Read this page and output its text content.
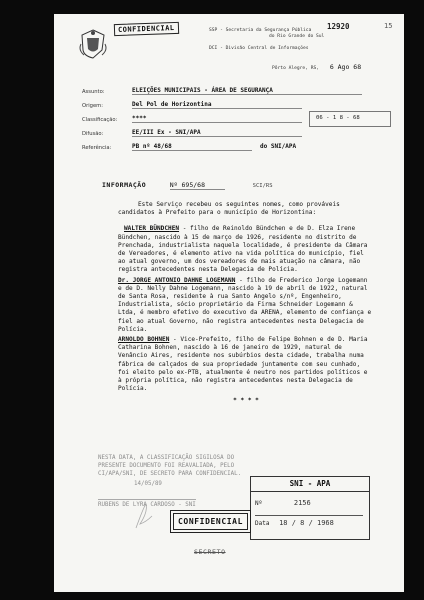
CONFIDENCIAL	SSP - Secretaria da Segurança Pública
do Rio Grande do Sul
DCI - Divisão Central de Informações
12920	15
Pôrto Alegre, RS, 6 Ago 68
Assunto:	ELEIÇÕES MUNICIPAIS - ÁREA DE SEGURANÇA
Origem:	Del Pol de Horizontina
Classificação: ****
Difusão:	EE/III Ex - SNI/APA
Referência:	PB nº 48/68	do SNI/APA
06 - 1 8 - 68
INFORMAÇÃO	Nº 695/68	SCI/RS

Este Serviço recebeu os seguintes nomes, como prováveis candidatos à Prefeito para o município de Horizontina:

WALTER BÜNDCHEN - filho de Reinoldo Bündchen e de D. Elza Irene Bündchen, nascido à 15 de março de 1926, residente no distrito de Prenchada, industrialista naquela localidade, é presidente da Câmara de Vereadores, é elemento ativo na vida política do município, fiel ao atual governo, um dos vereadores de mais atuação na câmara, não registra antecedentes nesta Delegacia de Polícia.

Dr. JORGE ANTONIO DAHNE LOGEMANN - filho de Frederico Jorge Logemann e de D. Nelly Dahne Logemann, nascido à 19 de abril de 1922, natural de Santa Rosa, residente à rua Santo Angelo s/nº, Engenheiro, Industrialista, sócio proprietário da Firma Schneider Logemann & Ltda, é membro efetivo do executivo da ARENA, elemento de confiança e fiel ao atual Governo, não registra antecedentes nesta Delegacia de Polícia.

ARNOLDO BOHNEN - Vice-Prefeito, filho de Felipe Bohnen e de D. Maria Catharina Bohnen, nascido à 16 de janeiro de 1929, natural de Venâncio Aires, residente nos subúrbios desta cidade, trabalha numa fábrica de calçados de sua propriedade juntamente com seu cunhado, foi eleito pelo ex-PTB, atualmente é neutro nos partidos políticos e à própria política, não registra antecedentes nesta Delegacia de Polícia.

* * * *

NESTA DATA, A CLASSIFICAÇÃO SIGILOSA DO PRESENTE DOCUMENTO FOI REAVALIADA, PELO CI/APA/SNI, DE SECRETO PARA CONFIDENCIAL.
14/05/89
RUBENS DE LYRA CARDOSO - SNI
SNI - APA
Nº	2156
Data 18 / 8 / 1968
CONFIDENCIAL
SECRETO
